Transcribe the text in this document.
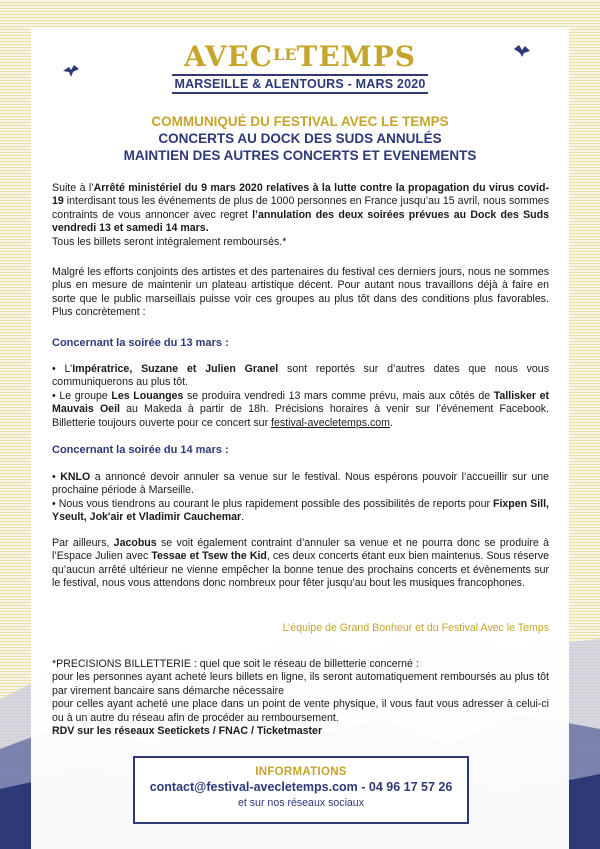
$AVEC^{LE}TEMPS$
MARSEILLE & ALENTOURS - MARS 2020
COMMUNIQUÉ DU FESTIVAL AVEC LE TEMPS
CONCERTS AU DOCK DES SUDS ANNULÉS
MAINTIEN DES AUTRES CONCERTS ET EVENEMENTS

Suite à l’Arrêté ministériel du 9 mars 2020 relatives à la lutte contre la propagation du virus covid-19 interdisant tous les événements de plus de 1000 personnes en France jusqu’au 15 avril, nous sommes contraints de vous annoncer avec regret l’annulation des deux soirées prévues au Dock des Suds vendredi 13 et samedi 14 mars.

Tous les billets seront intégralement remboursés.*

Malgré les efforts conjoints des artistes et des partenaires du festival ces derniers jours, nous ne sommes plus en mesure de maintenir un plateau artistique décent. Pour autant nous travaillons déjà à faire en sorte que le public marseillais puisse voir ces groupes au plus tôt dans des conditions plus favorables. Plus concrètement :

Concernant la soirée du 13 mars :

• L’Impératrice, Suzane et Julien Granel sont reportés sur d’autres dates que nous vous communiquerons au plus tôt.

• Le groupe Les Louanges se produira vendredi 13 mars comme prévu, mais aux côtés de Tallisker et Mauvais Oeil au Makeda à partir de 18h. Précisions horaires à venir sur l’événement Facebook. Billetterie toujours ouverte pour ce concert sur festival-avecletemps.com.

Concernant la soirée du 14 mars :

• KNLO a annoncé devoir annuler sa venue sur le festival. Nous espérons pouvoir l’accueillir sur une prochaine période à Marseille.

• Nous vous tiendrons au courant le plus rapidement possible des possibilités de reports pour Fixpen Sill, Yseult, Jok'air et Vladimir Cauchemar.

Par ailleurs, Jacobus se voit également contraint d’annuler sa venue et ne pourra donc se produire à l’Espace Julien avec Tessae et Tsew the Kid, ces deux concerts étant eux bien maintenus. Sous réserve qu’aucun arrêté ultérieur ne vienne empêcher la bonne tenue des prochains concerts et évènements sur le festival, nous vous attendons donc nombreux pour fêter jusqu’au bout les musiques francophones.

L’équipe de Grand Bonheur et du Festival Avec le Temps

*PRECISIONS BILLETTERIE : quel que soit le réseau de billetterie concerné :

pour les personnes ayant acheté leurs billets en ligne, ils seront automatiquement remboursés au plus tôt par virement bancaire sans démarche nécessaire

pour celles ayant acheté une place dans un point de vente physique, il vous faut vous adresser à celui-ci ou à un autre du réseau afin de procéder au remboursement.

RDV sur les réseaux Seetickets / FNAC / Ticketmaster

INFORMATIONS
contact@festival-avecletemps.com - 04 96 17 57 26
et sur nos réseaux sociaux
